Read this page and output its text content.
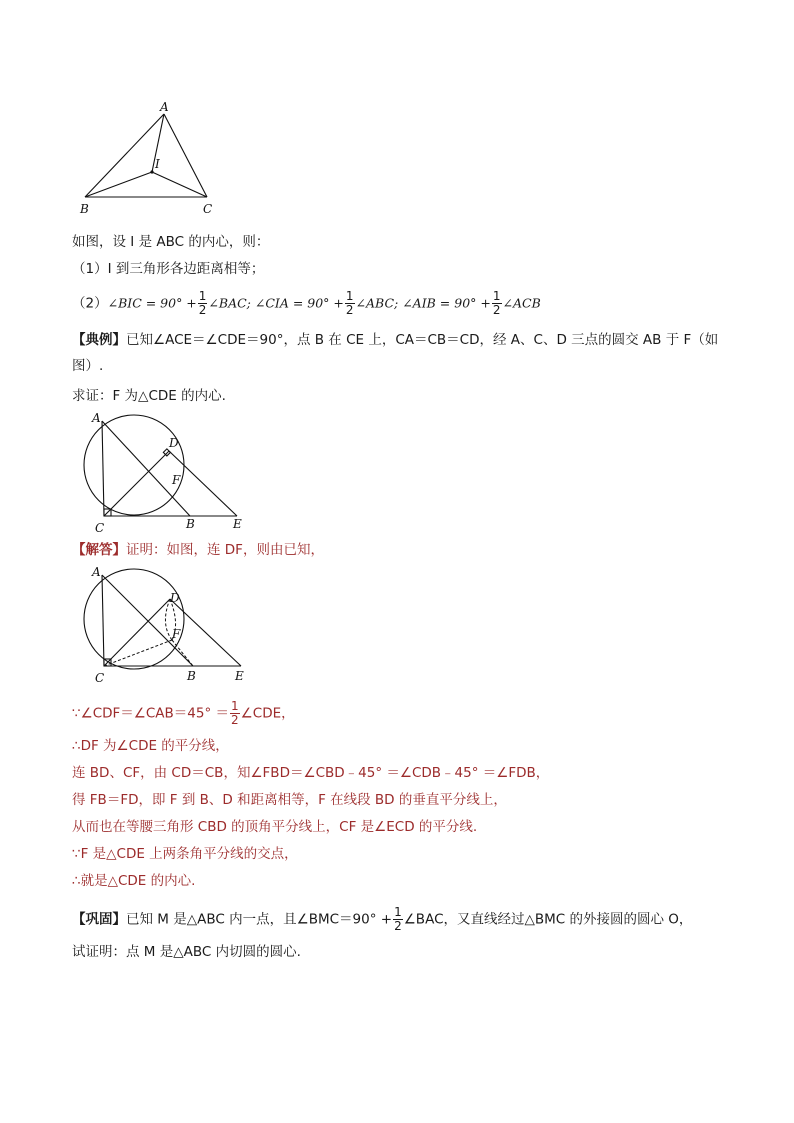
A
I
B	C
如图，设 I 是 ABC 的内心，则：
（1）I 到三角形各边距离相等；
（2）∠BIC = $90^\circ + \frac{1}{2}$ ∠BAC; ∠CIA = $90^\circ + \frac{1}{2}$ ∠ABC; ∠AIB = $90^\circ + \frac{1}{2}$ ∠ACB
【典例】已知∠ACE＝∠CDE＝90°，点 B 在 CE 上，CA＝CB＝CD，经 A、C、D 三点的圆交 AB 于 F（如
图）.
求证：F 为△CDE 的内心.
A
D
F
C	B	E
【解答】证明：如图，连 DF，则由已知，
A
D
F
C	B	E
∵∠CDF＝∠CAB＝45° ＝ $\frac{1}{2}$ ∠CDE，
∴DF 为∠CDE 的平分线，
连 BD、CF，由 CD＝CB，知∠FBD＝∠CBD﹣45° ＝∠CDB﹣45° ＝∠FDB，
得 FB＝FD，即 F 到 B、D 和距离相等，F 在线段 BD 的垂直平分线上，
从而也在等腰三角形 CBD 的顶角平分线上，CF 是∠ECD 的平分线.
∵F 是△CDE 上两条角平分线的交点，
∴就是△CDE 的内心.
【巩固】已知 M 是△ABC 内一点，且∠BMC＝90° + $\frac{1}{2}$ ∠BAC，又直线经过△BMC 的外接圆的圆心 O，
试证明：点 M 是△ABC 内切圆的圆心.
